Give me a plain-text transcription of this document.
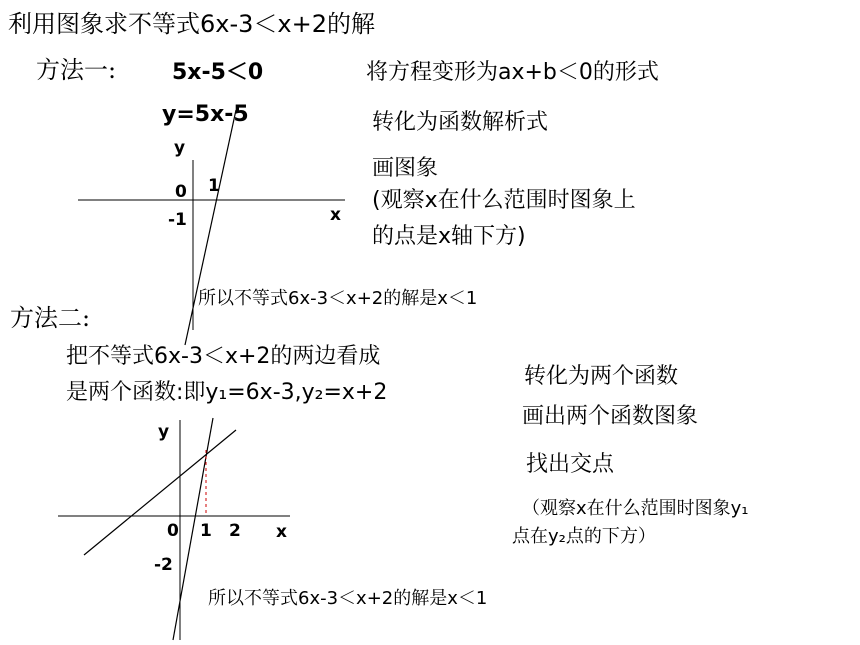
利用图象求不等式6x-3＜x+2的解
方法一:	5x-5＜0	将方程变形为ax+b＜0的形式
y=5x-5	转化为函数解析式
画图象
(观察x在什么范围时图象上
的点是x轴下方)
所以不等式6x-3＜x+2的解是x＜1
方法二:
把不等式6x-3＜x+2的两边看成
是两个函数:即y₁=6x-3,y₂=x+2
转化为两个函数
画出两个函数图象
找出交点
（观察x在什么范围时图象y₁
点在y₂点的下方）
所以不等式6x-3＜x+2的解是x＜1
y
x
0 1
-1
y
x
0 1 2
-2
